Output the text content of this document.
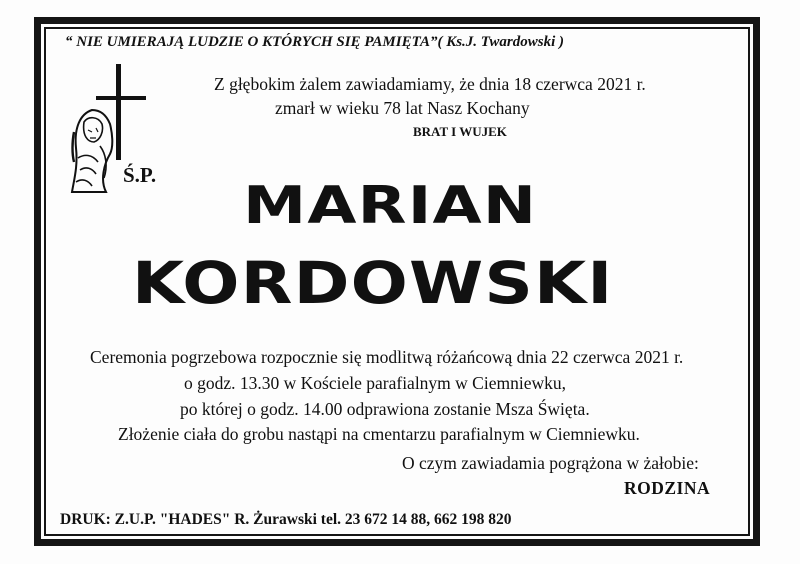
“ NIE UMIERAJĄ LUDZIE O KTÓRYCH SIĘ PAMIĘTA”( Ks.J. Twardowski )
Ś.P.
Z głębokim żalem zawiadamiamy, że dnia 18 czerwca 2021 r.
zmarł w wieku 78 lat Nasz Kochany
BRAT I WUJEK
MARIAN
KORDOWSKI
Ceremonia pogrzebowa rozpocznie się modlitwą różańcową dnia 22 czerwca 2021 r.
o godz. 13.30 w Kościele parafialnym w Ciemniewku,
po której o godz. 14.00 odprawiona zostanie Msza Święta.
Złożenie ciała do grobu nastąpi na cmentarzu parafialnym w Ciemniewku.
O czym zawiadamia pogrążona w żałobie:
RODZINA
DRUK: Z.U.P. "HADES" R. Żurawski tel. 23 672 14 88, 662 198 820
